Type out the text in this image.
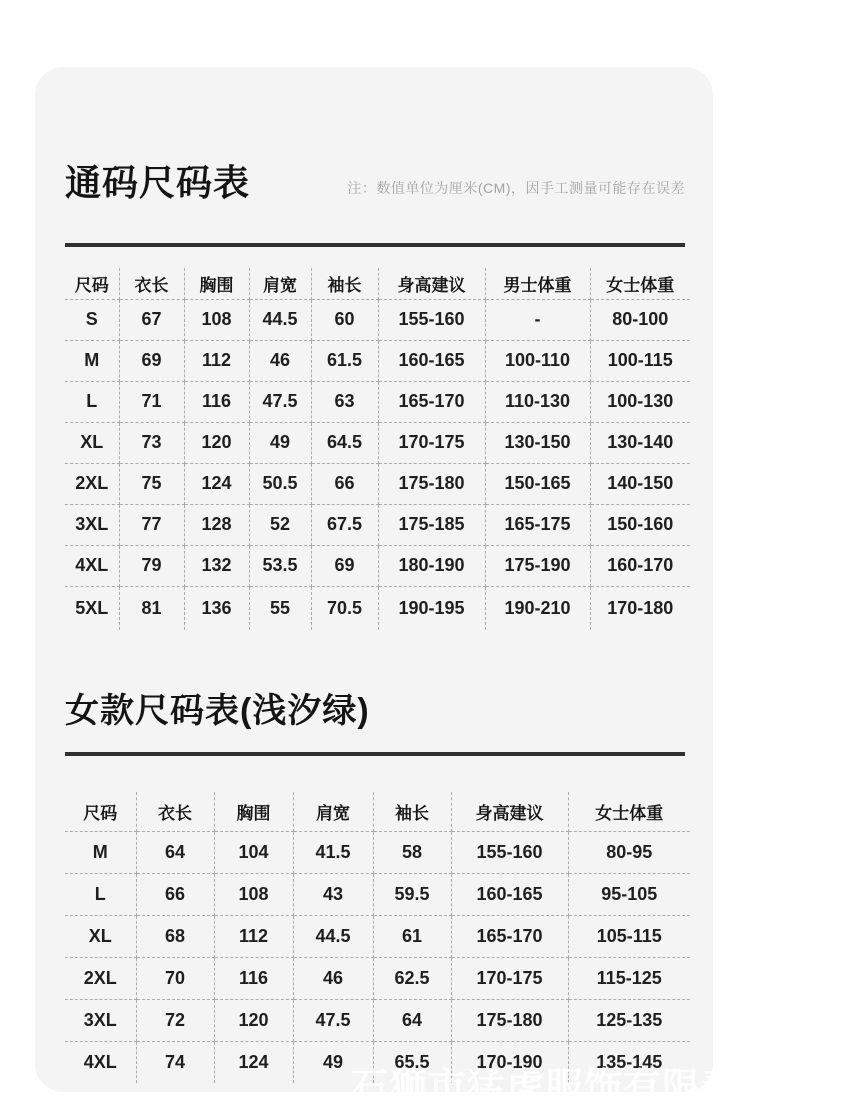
通码尺码表	注：数值单位为厘米(CM)，因手工测量可能存在误差
尺码	衣长	胸围	肩宽	袖长	身高建议	男士体重	女士体重
S	67	108	44.5	60	155-160	-	80-100
M	69	112	46	61.5	160-165	100-110	100-115
L	71	116	47.5	63	165-170	110-130	100-130
XL	73	120	49	64.5	170-175	130-150	130-140
2XL	75	124	50.5	66	175-180	150-165	140-150
3XL	77	128	52	67.5	175-185	165-175	150-160
4XL	79	132	53.5	69	180-190	175-190	160-170
5XL	81	136	55	70.5	190-195	190-210	170-180
女款尺码表(浅汐绿)
尺码	衣长	胸围	肩宽	袖长	身高建议	女士体重
M	64	104	41.5	58	155-160	80-95
L	66	108	43	59.5	160-165	95-105
XL	68	112	44.5	61	165-170	105-115
2XL	70	116	46	62.5	170-175	115-125
3XL	72	120	47.5	64	175-180	125-135
4XL	74	124	49	65.5	170-190	135-145
石狮市猛虎服饰有限责任公司
